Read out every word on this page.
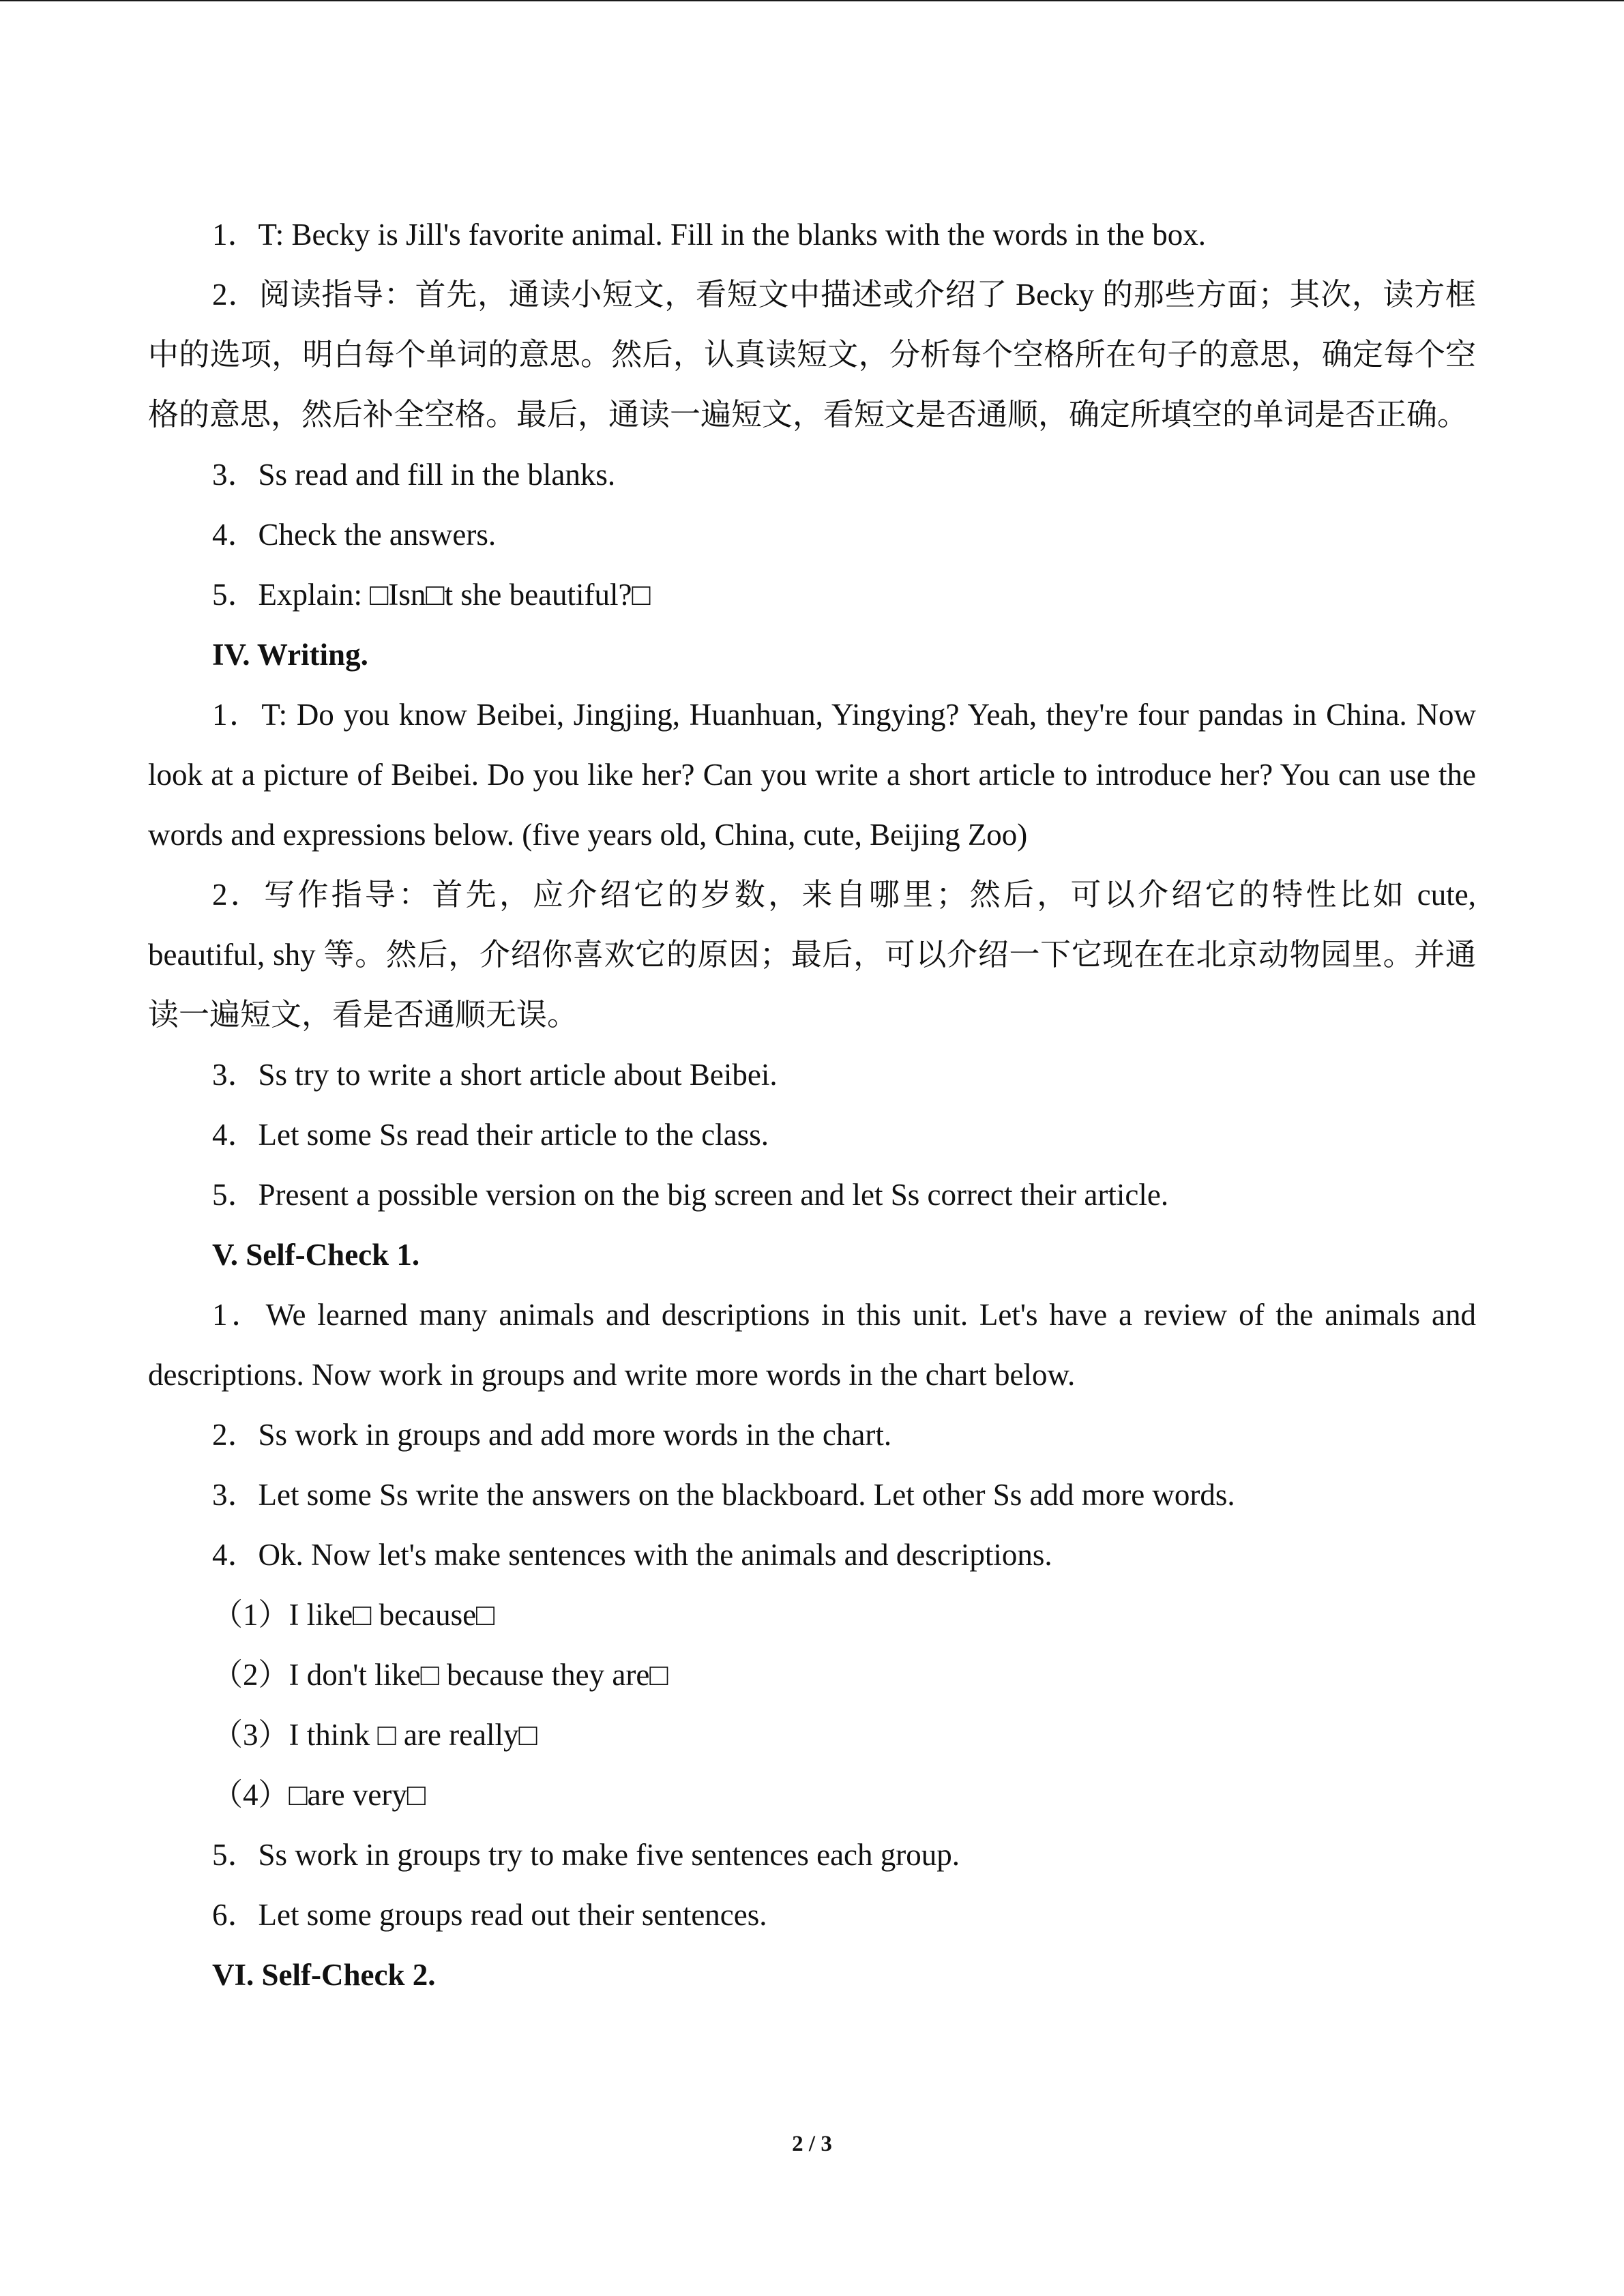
1．T: Becky is Jill's favorite animal. Fill in the blanks with the words in the box.

2．阅读指导：首先，通读小短文，看短文中描述或介绍了 Becky 的那些方面；其次，读方框中的选项，明白每个单词的意思。然后，认真读短文，分析每个空格所在句子的意思，确定每个空格的意思，然后补全空格。最后，通读一遍短文，看短文是否通顺，确定所填空的单词是否正确。

3．Ss read and fill in the blanks.

4．Check the answers.

5．Explain: □Isn□t she beautiful?□

IV. Writing.

1．T: Do you know Beibei, Jingjing, Huanhuan, Yingying? Yeah, they're four pandas in China. Now look at a picture of Beibei. Do you like her? Can you write a short article to introduce her? You can use the words and expressions below. (five years old, China, cute, Beijing Zoo)

2．写作指导：首先，应介绍它的岁数，来自哪里；然后，可以介绍它的特性比如 cute, beautiful, shy 等。然后，介绍你喜欢它的原因；最后，可以介绍一下它现在在北京动物园里。并通读一遍短文，看是否通顺无误。

3．Ss try to write a short article about Beibei.

4．Let some Ss read their article to the class.

5．Present a possible version on the big screen and let Ss correct their article.

V. Self-Check 1.

1．We learned many animals and descriptions in this unit. Let's have a review of the animals and descriptions. Now work in groups and write more words in the chart below.

2．Ss work in groups and add more words in the chart.

3．Let some Ss write the answers on the blackboard. Let other Ss add more words.

4．Ok. Now let's make sentences with the animals and descriptions.

（1）I like□ because□

（2）I don't like□ because they are□

（3）I think □ are really□

（4）□are very□

5．Ss work in groups try to make five sentences each group.

6．Let some groups read out their sentences.

VI. Self-Check 2.

2 / 3
